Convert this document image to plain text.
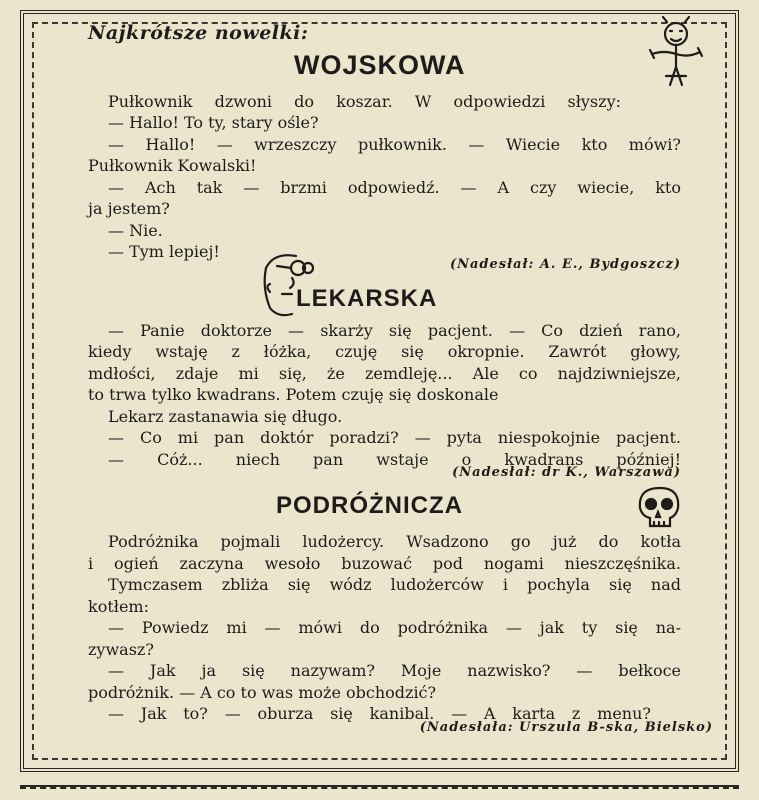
Najkrótsze nowelki:
WOJSKOWA
Pułkownik dzwoni do koszar. W odpowiedzi słyszy:
— Hallo! To ty, stary ośle?
— Hallo! — wrzeszczy pułkownik. — Wiecie kto mówi?
Pułkownik Kowalski!
— Ach tak — brzmi odpowiedź. — A czy wiecie, kto
ja jestem?
— Nie.
— Tym lepiej!
(Nadesłał: A. E., Bydgoszcz)
LEKARSKA
— Panie doktorze — skarży się pacjent. — Co dzień rano,
kiedy wstaję z łóżka, czuję się okropnie. Zawrót głowy,
mdłości, zdaje mi się, że zemdleję... Ale co najdziwniejsze,
to trwa tylko kwadrans. Potem czuję się doskonale
Lekarz zastanawia się długo.
— Co mi pan doktór poradzi? — pyta niespokojnie pacjent.
— Cóż... niech pan wstaje o kwadrans później!
(Nadesłał: dr K., Warszawa)
PODRÓŻNICZA
Podróżnika pojmali ludożercy. Wsadzono go już do kotła
i ogień zaczyna wesoło buzować pod nogami nieszczęśnika.
Tymczasem zbliża się wódz ludożerców i pochyla się nad
kotłem:
— Powiedz mi — mówi do podróżnika — jak ty się na-
zywasz?
— Jak ja się nazywam? Moje nazwisko? — bełkoce
podróżnik. — A co to was może obchodzić?
— Jak to? — oburza się kanibal. — A karta z menu?
(Nadesłała: Urszula B-ska, Bielsko)
